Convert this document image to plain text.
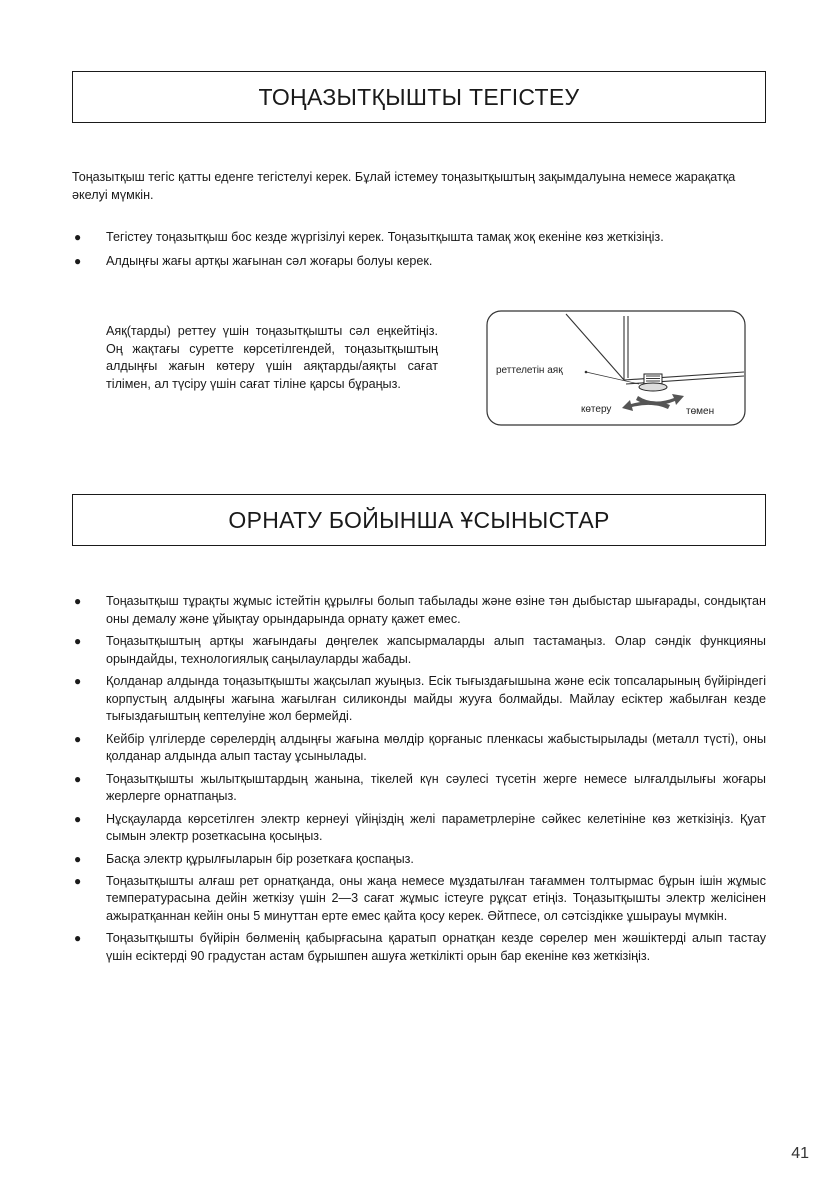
ТОҢАЗЫТҚЫШТЫ ТЕГІСТЕУ

Тоңазытқыш тегіс қатты еденге тегістелуі керек. Бұлай істемеу тоңазытқыштың зақымдалуына немесе жарақатқа әкелуі мүмкін.

● Тегістеу тоңазытқыш бос кезде жүргізілуі керек. Тоңазытқышта тамақ жоқ екеніне көз жеткізіңіз.
● Алдыңғы жағы артқы жағынан сәл жоғары болуы керек.

Аяқ(тарды) реттеу үшін тоңазытқышты сәл еңкейтіңіз. Оң жақтағы суретте көрсетілгендей, тоңазытқыштың алдыңғы жағын көтеру үшін аяқтарды/аяқты сағат тілімен, ал түсіру үшін сағат тіліне қарсы бұраңыз.

реттелетін аяқ
көтеру	төмен
ОРНАТУ БОЙЫНША ҰСЫНЫСТАР
● Тоңазытқыш тұрақты жұмыс істейтін құрылғы болып табылады және өзіне тән дыбыстар шығарады, сондықтан оны демалу және ұйықтау орындарында орнату қажет емес.
● Тоңазытқыштың артқы жағындағы дөңгелек жапсырмаларды алып тастамаңыз. Олар сәндік функцияны орындайды, технологиялық саңылауларды жабады.
● Қолданар алдында тоңазытқышты жақсылап жуыңыз. Есік тығыздағышына және есік топсаларының бүйіріндегі корпустың алдыңғы жағына жағылған силиконды майды жууға болмайды. Майлау есіктер жабылған кезде тығыздағыштың кептелуіне жол бермейді.
● Кейбір үлгілерде сөрелердің алдыңғы жағына мөлдір қорғаныс пленкасы жабыстырылады (металл түсті), оны қолданар алдында алып тастау ұсынылады.
● Тоңазытқышты жылытқыштардың жанына, тікелей күн сәулесі түсетін жерге немесе ылғалдылығы жоғары жерлерге орнатпаңыз.
● Нұсқауларда көрсетілген электр кернеуі үйіңіздің желі параметрлеріне сәйкес келетініне көз жеткізіңіз. Қуат сымын электр розеткасына қосыңыз.
● Басқа электр құрылғыларын бір розеткаға қоспаңыз.
● Тоңазытқышты алғаш рет орнатқанда, оны жаңа немесе мұздатылған тағаммен толтырмас бұрын ішін жұмыс температурасына дейін жеткізу үшін 2—3 сағат жұмыс істеуге рұқсат етіңіз. Тоңазытқышты электр желісінен ажыратқаннан кейін оны 5 минуттан ерте емес қайта қосу керек. Әйтпесе, ол сәтсіздікке ұшырауы мүмкін.
● Тоңазытқышты бүйірін бөлменің қабырғасына қаратып орнатқан кезде сөрелер мен жәшіктерді алып тастау үшін есіктерді 90 градустан астам бұрышпен ашуға жеткілікті орын бар екеніне көз жеткізіңіз.
41
